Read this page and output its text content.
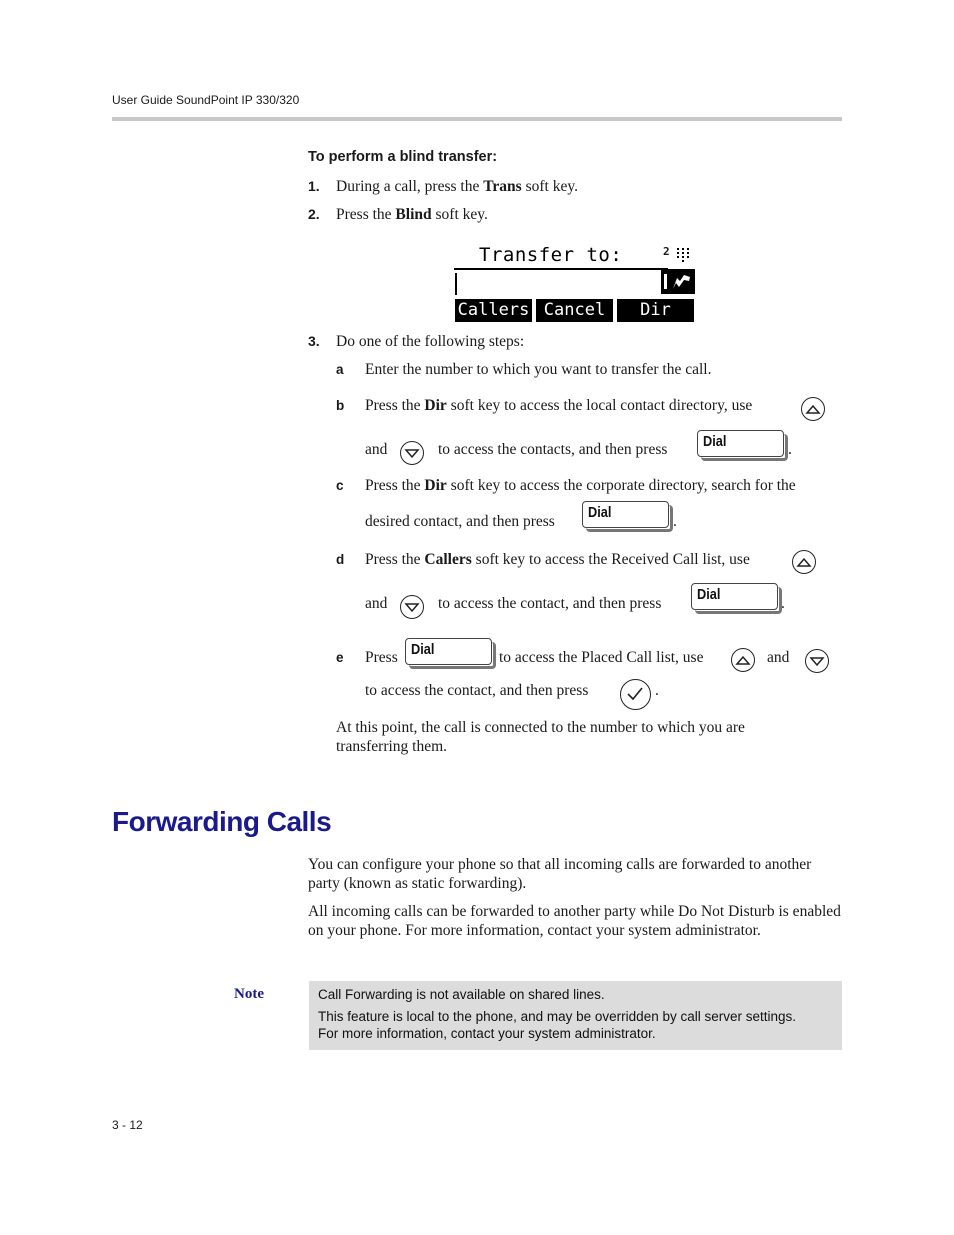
User Guide SoundPoint IP 330/320
To perform a blind transfer:
1. During a call, press the Trans soft key.
2. Press the Blind soft key.
Transfer to:	2
Callers Cancel	Dir
3. Do one of the following steps:
a Enter the number to which you want to transfer the call.
b Press the Dir soft key to access the local contact directory, use
and	to access the contacts, and then press Dial	.
c Press the Dir soft key to access the corporate directory, search for the
desired contact, and then press
Dial
.
d Press the Callers soft key to access the Received Call list, use
and	to access the contact, and then press
Dial
.
e Press Dial	to access the Placed Call list, use	and
to access the contact, and then press	.
At this point, the call is connected to the number to which you are transferring them.
Forwarding Calls
You can configure your phone so that all incoming calls are forwarded to another party (known as static forwarding).
All incoming calls can be forwarded to another party while Do Not Disturb is enabled on your phone. For more information, contact your system administrator.
Note	Call Forwarding is not available on shared lines.
This feature is local to the phone, and may be overridden by call server settings.
For more information, contact your system administrator.
3 - 12
